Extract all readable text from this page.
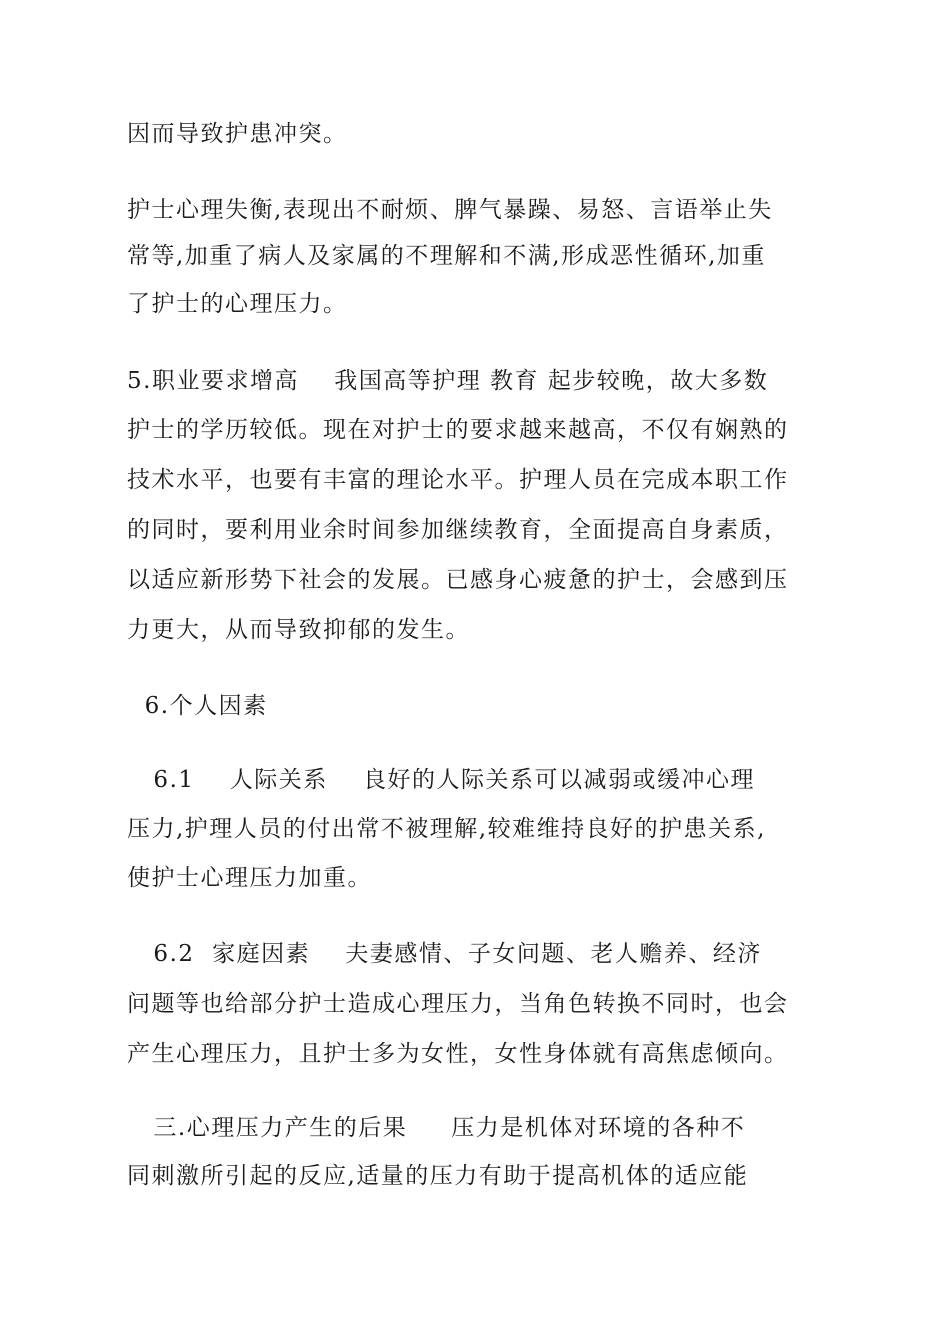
因而导致护患冲突。
护士心理失衡,表现出不耐烦、脾气暴躁、易怒、言语举止失
常等,加重了病人及家属的不理解和不满,形成恶性循环,加重
了护士的心理压力。
5.职业要求增高    我国高等护理 教育 起步较晚，故大多数
护士的学历较低。现在对护士的要求越来越高，不仅有娴熟的
技术水平，也要有丰富的理论水平。护理人员在完成本职工作
的同时，要利用业余时间参加继续教育，全面提高自身素质，
以适应新形势下社会的发展。已感身心疲惫的护士，会感到压
力更大，从而导致抑郁的发生。
6.个人因素
6.1    人际关系    良好的人际关系可以减弱或缓冲心理
压力,护理人员的付出常不被理解,较难维持良好的护患关系,
使护士心理压力加重。
6.2  家庭因素    夫妻感情、子女问题、老人赡养、经济
问题等也给部分护士造成心理压力，当角色转换不同时，也会
产生心理压力，且护士多为女性，女性身体就有高焦虑倾向。
三.心理压力产生的后果     压力是机体对环境的各种不
同刺激所引起的反应,适量的压力有助于提高机体的适应能
